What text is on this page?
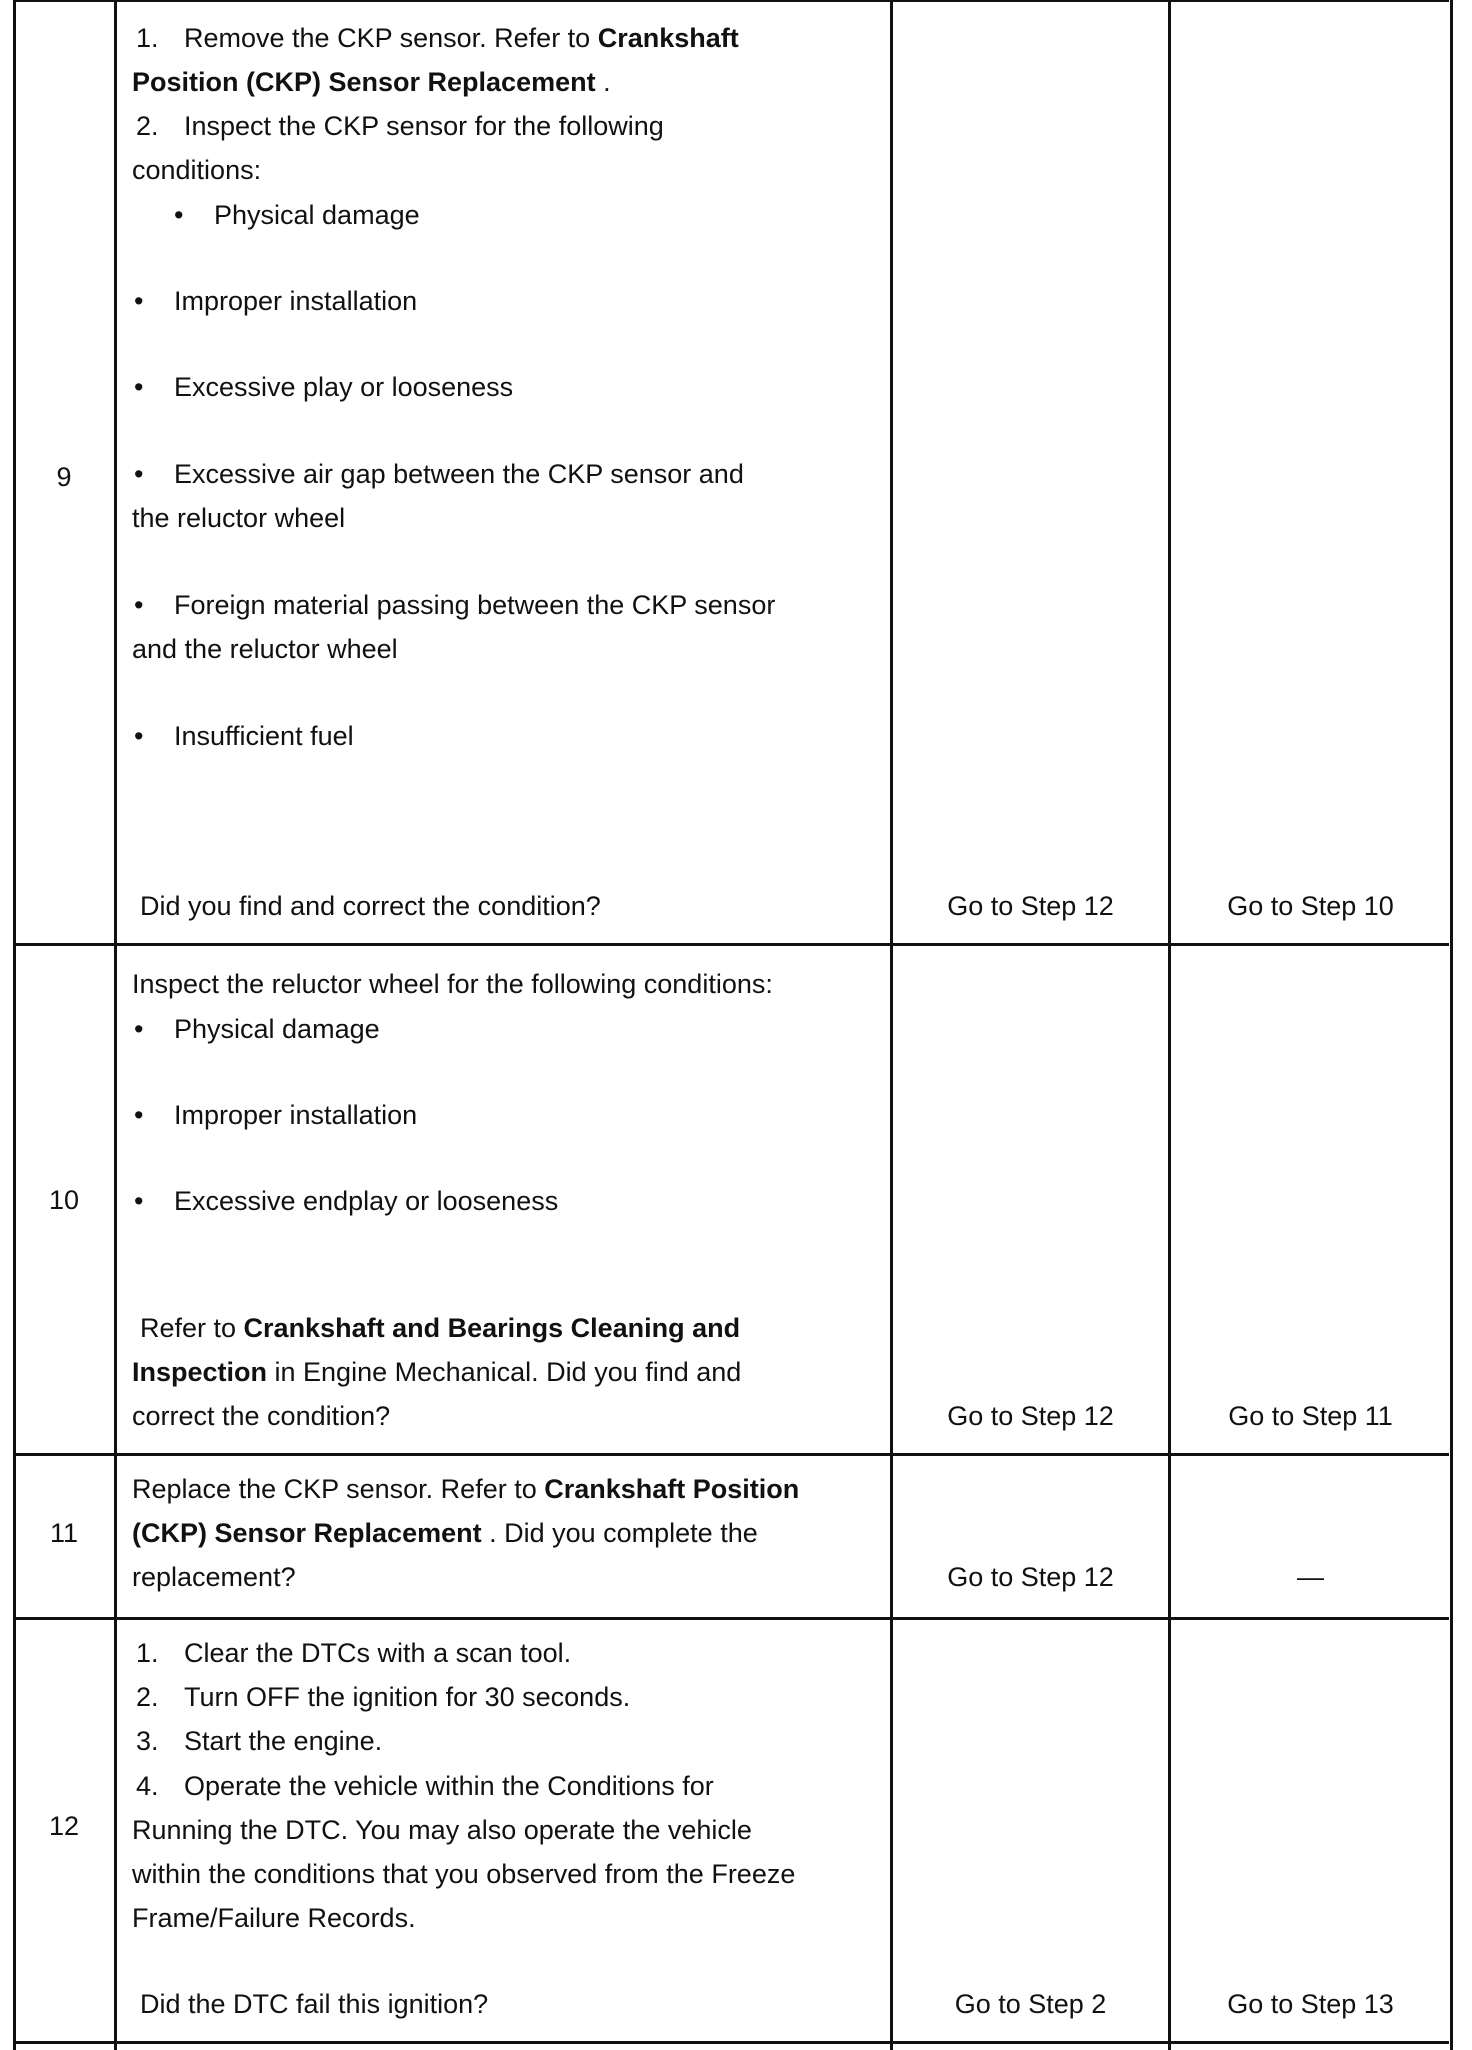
9
1. Remove the CKP sensor. Refer to Crankshaft
Position (CKP) Sensor Replacement .
2. Inspect the CKP sensor for the following
conditions:
• Physical damage
• Improper installation
• Excessive play or looseness
• Excessive air gap between the CKP sensor and
the reluctor wheel
• Foreign material passing between the CKP sensor
and the reluctor wheel
• Insufficient fuel
Did you find and correct the condition?	Go to Step 12	Go to Step 10
10
Inspect the reluctor wheel for the following conditions:
• Physical damage
• Improper installation
• Excessive endplay or looseness
Refer to Crankshaft and Bearings Cleaning and
Inspection in Engine Mechanical. Did you find and
correct the condition?	Go to Step 12	Go to Step 11
11
Replace the CKP sensor. Refer to Crankshaft Position
(CKP) Sensor Replacement . Did you complete the
replacement?	Go to Step 12	—
12
1. Clear the DTCs with a scan tool.
2. Turn OFF the ignition for 30 seconds.
3. Start the engine.
4. Operate the vehicle within the Conditions for
Running the DTC. You may also operate the vehicle
within the conditions that you observed from the Freeze
Frame/Failure Records.
Did the DTC fail this ignition?	Go to Step 2	Go to Step 13
